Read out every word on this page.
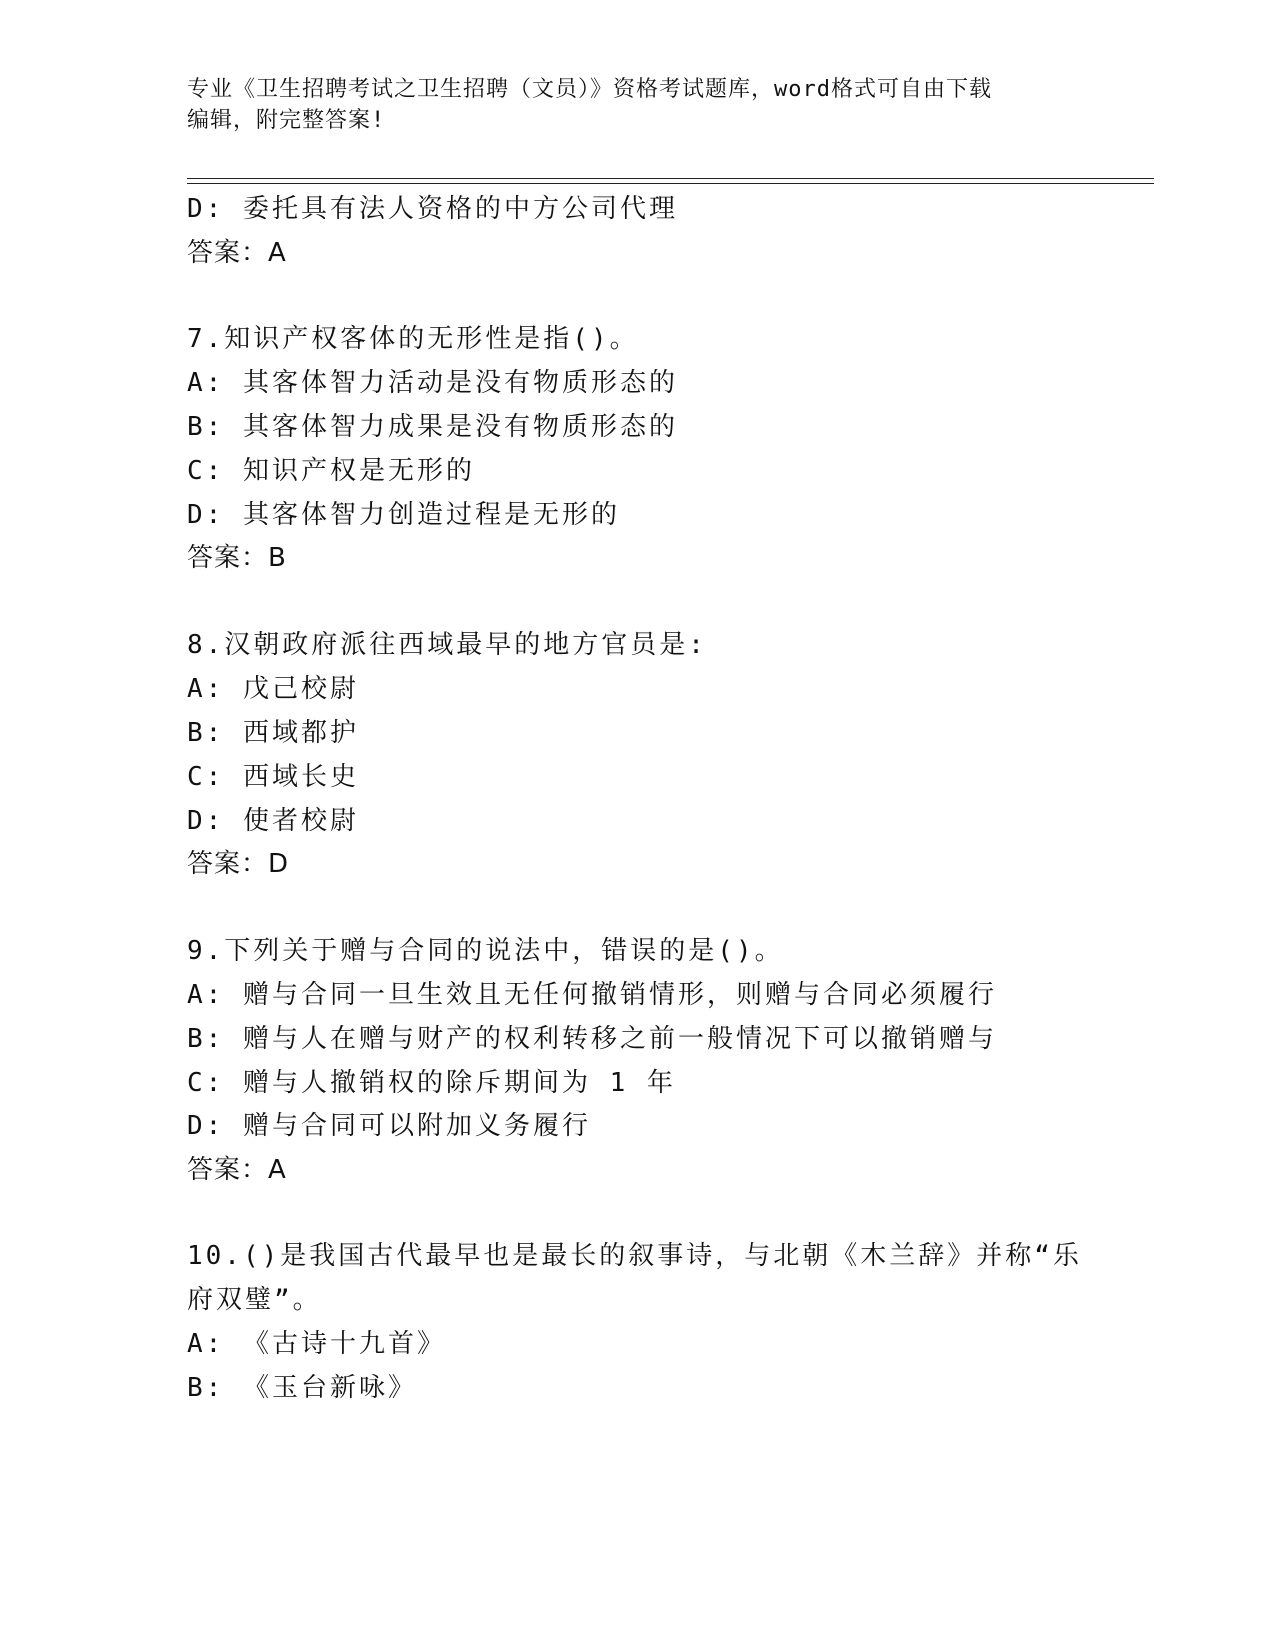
专业《卫生招聘考试之卫生招聘（文员）》资格考试题库，word格式可自由下载
编辑，附完整答案!
D: 委托具有法人资格的中方公司代理
答案：A
7.知识产权客体的无形性是指()。
A: 其客体智力活动是没有物质形态的
B: 其客体智力成果是没有物质形态的
C: 知识产权是无形的
D: 其客体智力创造过程是无形的
答案：B
8.汉朝政府派往西域最早的地方官员是:
A: 戊己校尉
B: 西域都护
C: 西域长史
D: 使者校尉
答案：D
9.下列关于赠与合同的说法中，错误的是()。
A: 赠与合同一旦生效且无任何撤销情形，则赠与合同必须履行
B: 赠与人在赠与财产的权利转移之前一般情况下可以撤销赠与
C: 赠与人撤销权的除斥期间为 1 年
D: 赠与合同可以附加义务履行
答案：A
10.()是我国古代最早也是最长的叙事诗，与北朝《木兰辞》并称“乐
府双璧”。
A: 《古诗十九首》
B: 《玉台新咏》
